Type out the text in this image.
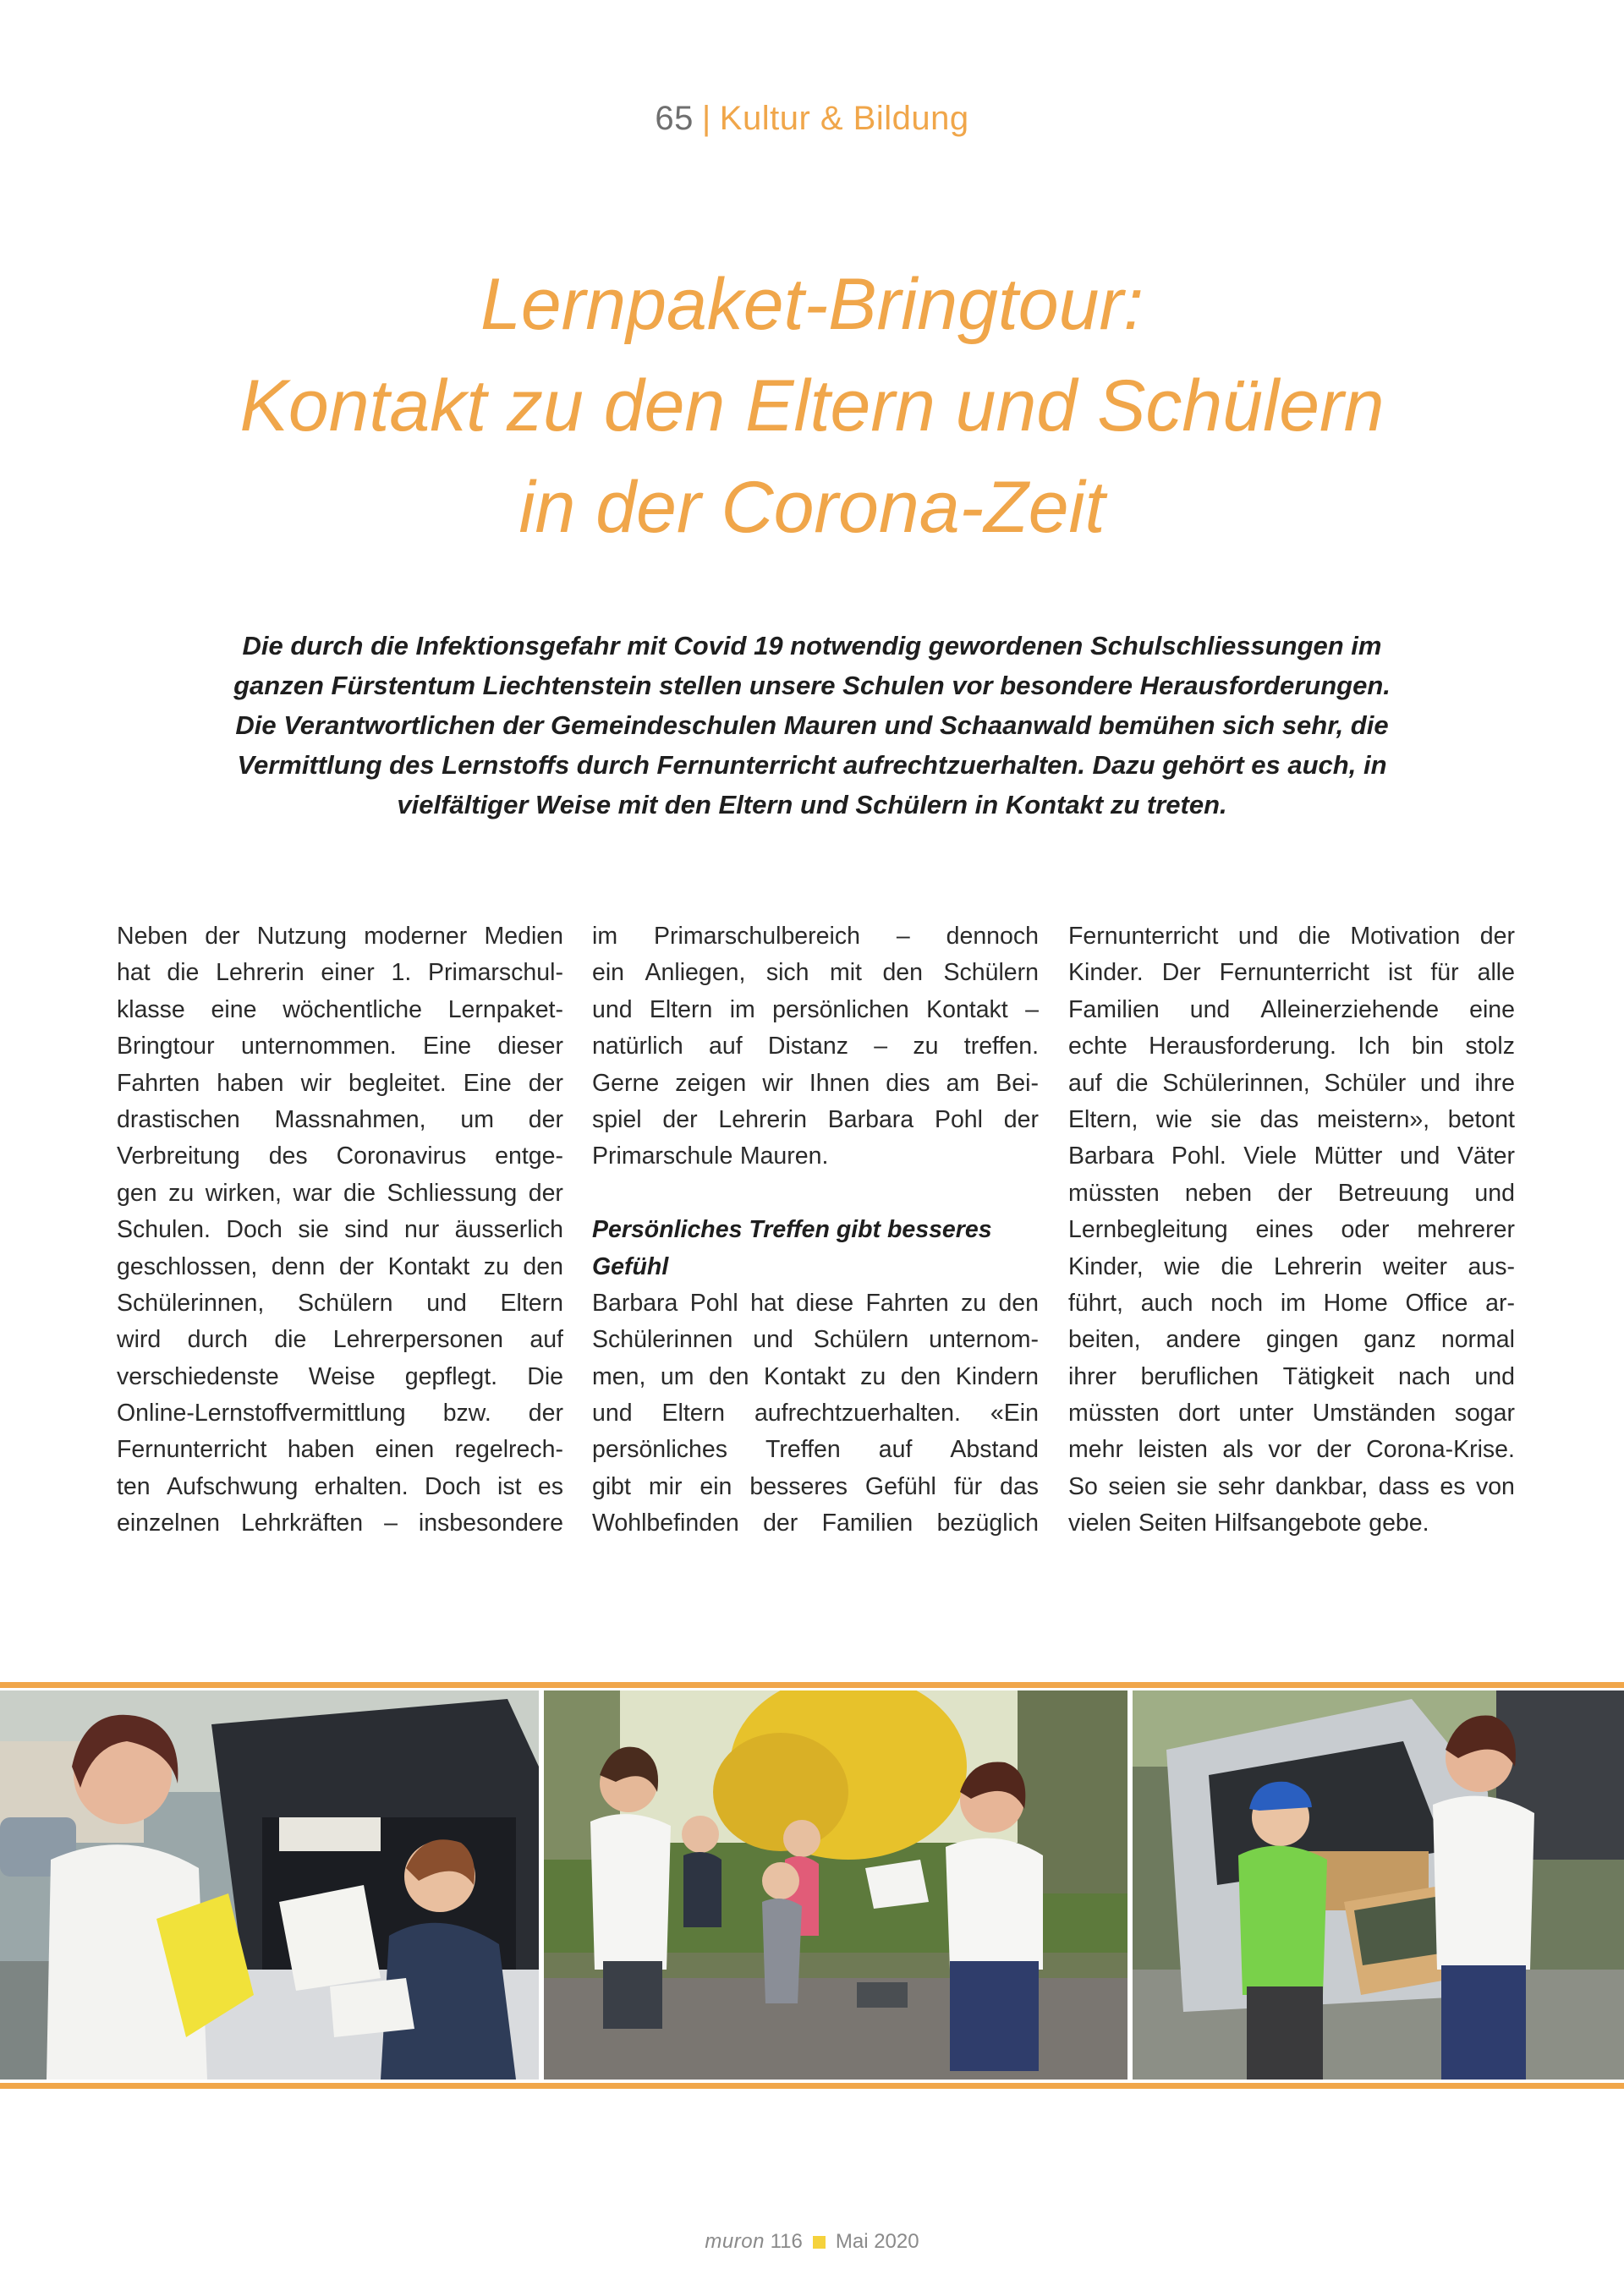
65 | Kultur & Bildung
Lernpaket-Bringtour:
Kontakt zu den Eltern und Schülern
in der Corona-Zeit
Die durch die Infektionsgefahr mit Covid 19 notwendig gewordenen Schulschliessungen im
ganzen Fürstentum Liechtenstein stellen unsere Schulen vor besondere Herausforderungen.
Die Verantwortlichen der Gemeindeschulen Mauren und Schaanwald bemühen sich sehr, die
Vermittlung des Lernstoffs durch Fernunterricht aufrechtzuerhalten. Dazu gehört es auch, in
vielfältiger Weise mit den Eltern und Schülern in Kontakt zu treten.
Neben der Nutzung moderner Medien
hat die Lehrerin einer 1. Primarschul-
klasse eine wöchentliche Lernpaket-
Bringtour unternommen. Eine dieser
Fahrten haben wir begleitet. Eine der
drastischen Massnahmen, um der
Verbreitung des Coronavirus entge-
gen zu wirken, war die Schliessung der
Schulen. Doch sie sind nur äusserlich
geschlossen, denn der Kontakt zu den
Schülerinnen, Schülern und Eltern
wird durch die Lehrerpersonen auf
verschiedenste Weise gepflegt. Die
Online-Lernstoffvermittlung bzw. der
Fernunterricht haben einen regelrech-
ten Aufschwung erhalten. Doch ist es
einzelnen Lehrkräften – insbesondere
im Primarschulbereich – dennoch
ein Anliegen, sich mit den Schülern
und Eltern im persönlichen Kontakt –
natürlich auf Distanz – zu treffen.
Gerne zeigen wir Ihnen dies am Bei-
spiel der Lehrerin Barbara Pohl der
Primarschule Mauren.
Persönliches Treffen gibt besseres
Gefühl
Barbara Pohl hat diese Fahrten zu den
Schülerinnen und Schülern unternom-
men, um den Kontakt zu den Kindern
und Eltern aufrechtzuerhalten. «Ein
persönliches Treffen auf Abstand
gibt mir ein besseres Gefühl für das
Wohlbefinden der Familien bezüglich
Fernunterricht und die Motivation der
Kinder. Der Fernunterricht ist für alle
Familien und Alleinerziehende eine
echte Herausforderung. Ich bin stolz
auf die Schülerinnen, Schüler und ihre
Eltern, wie sie das meistern», betont
Barbara Pohl. Viele Mütter und Väter
müssten neben der Betreuung und
Lernbegleitung eines oder mehrerer
Kinder, wie die Lehrerin weiter aus-
führt, auch noch im Home Office ar-
beiten, andere gingen ganz normal
ihrer beruflichen Tätigkeit nach und
müssten dort unter Umständen sogar
mehr leisten als vor der Corona-Krise.
So seien sie sehr dankbar, dass es von
vielen Seiten Hilfsangebote gebe.
muron 116 Mai 2020
